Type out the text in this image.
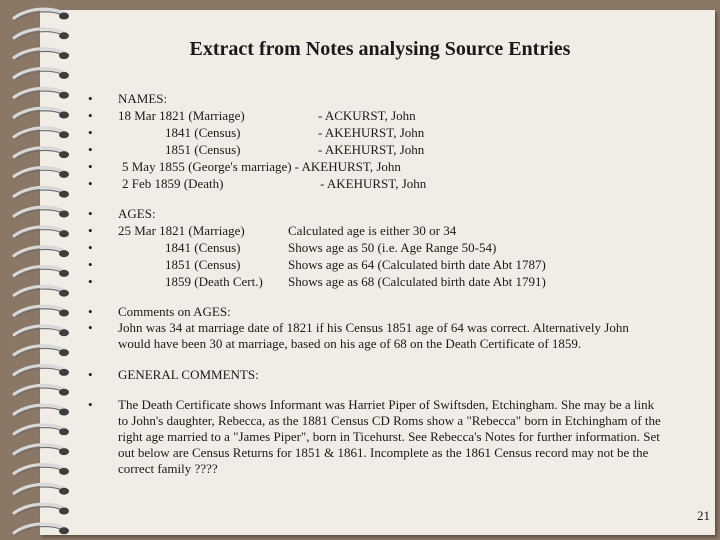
Extract from Notes analysing Source Entries
• NAMES:
• 18 Mar 1821 (Marriage)	- ACKURST, John
•	1841 (Census)	- AKEHURST, John
•	1851 (Census)	- AKEHURST, John
• 5 May 1855 (George's marriage) - AKEHURST, John
• 2 Feb 1859 (Death)	- AKEHURST, John
• AGES:
• 25 Mar 1821 (Marriage)	Calculated age is either 30 or 34
•	1841 (Census)	Shows age as 50 (i.e. Age Range 50-54)
•	1851 (Census)	Shows age as 64 (Calculated birth date Abt 1787)
•	1859 (Death Cert.) Shows age as 68 (Calculated birth date Abt 1791)
• Comments on AGES:
• John was 34 at marriage date of 1821 if his Census 1851 age of 64 was correct. Alternatively John would have been 30 at marriage, based on his age of 68 on the Death Certificate of 1859.
• GENERAL COMMENTS:
• The Death Certificate shows Informant was Harriet Piper of Swiftsden, Etchingham. She may be a link to John's daughter, Rebecca, as the 1881 Census CD Roms show a "Rebecca" born in Etchingham of the right age married to a "James Piper", born in Ticehurst. See Rebecca's Notes for further information. Set out below are Census Returns for 1851 & 1861. Incomplete as the 1861 Census record may not be the correct family ????
21
